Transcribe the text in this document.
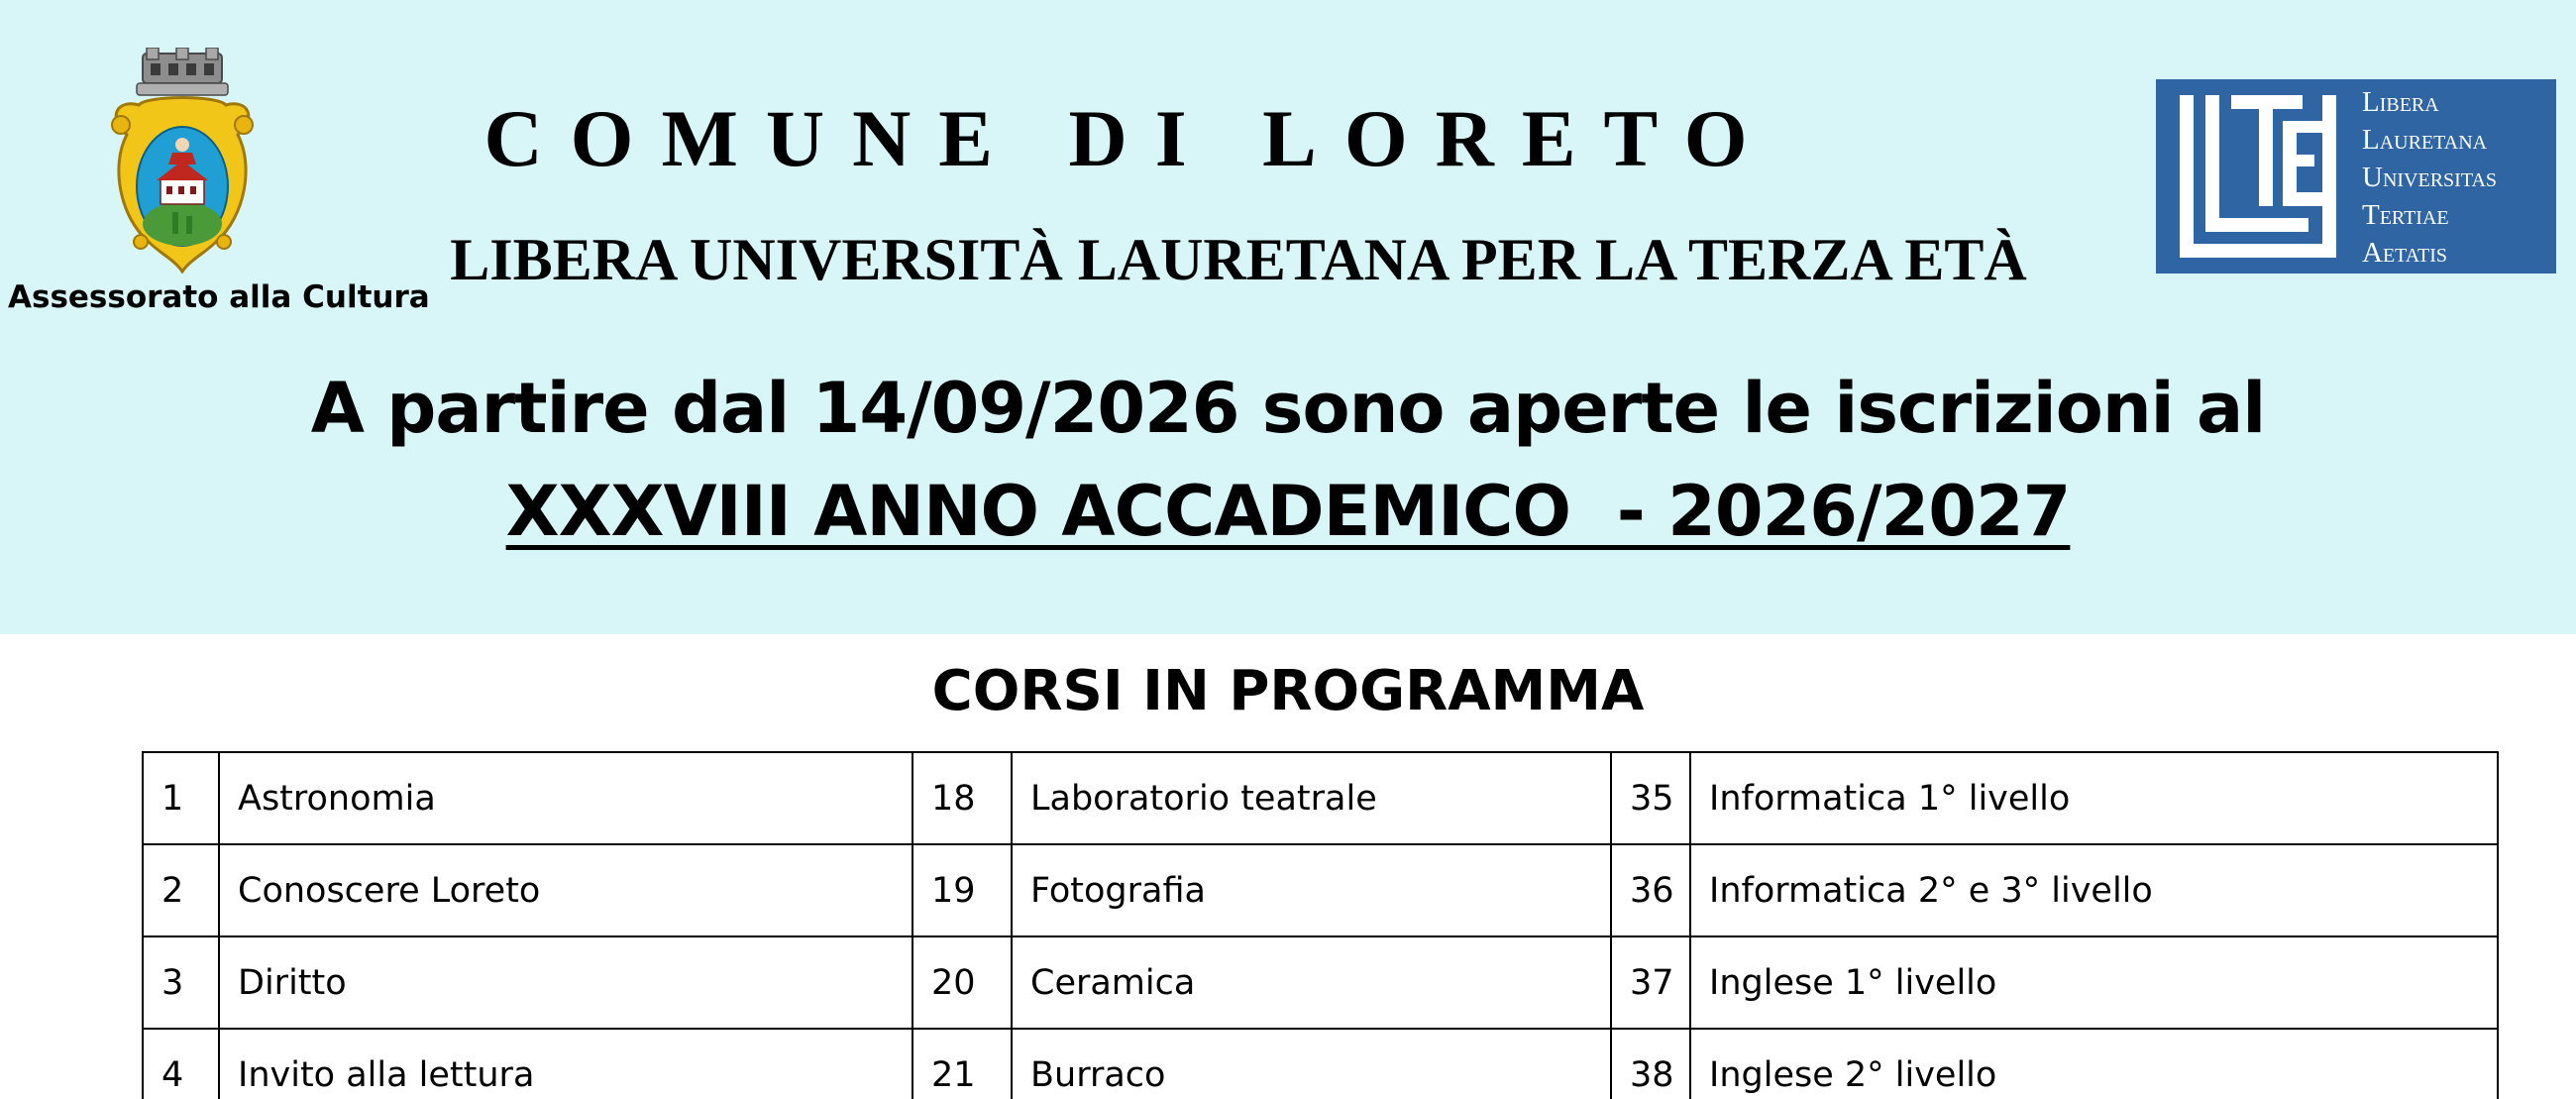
Assessorato alla Cultura
COMUNE DI LORETO
LIBERA UNIVERSITÀ LAURETANA PER LA TERZA ETÀ
Libera
Lauretana
Universitas
Tertiae
Aetatis
A partire dal 14/09/2026 sono aperte le iscrizioni al
XXXVIII ANNO ACCADEMICO  - 2026/2027
CORSI IN PROGRAMMA
1	Astronomia	18	Laboratorio teatrale	35	Informatica 1° livello
2	Conoscere Loreto	19	Fotografia	36	Informatica 2° e 3° livello
3	Diritto	20	Ceramica	37	Inglese 1° livello
4	Invito alla lettura	21	Burraco	38	Inglese 2° livello
